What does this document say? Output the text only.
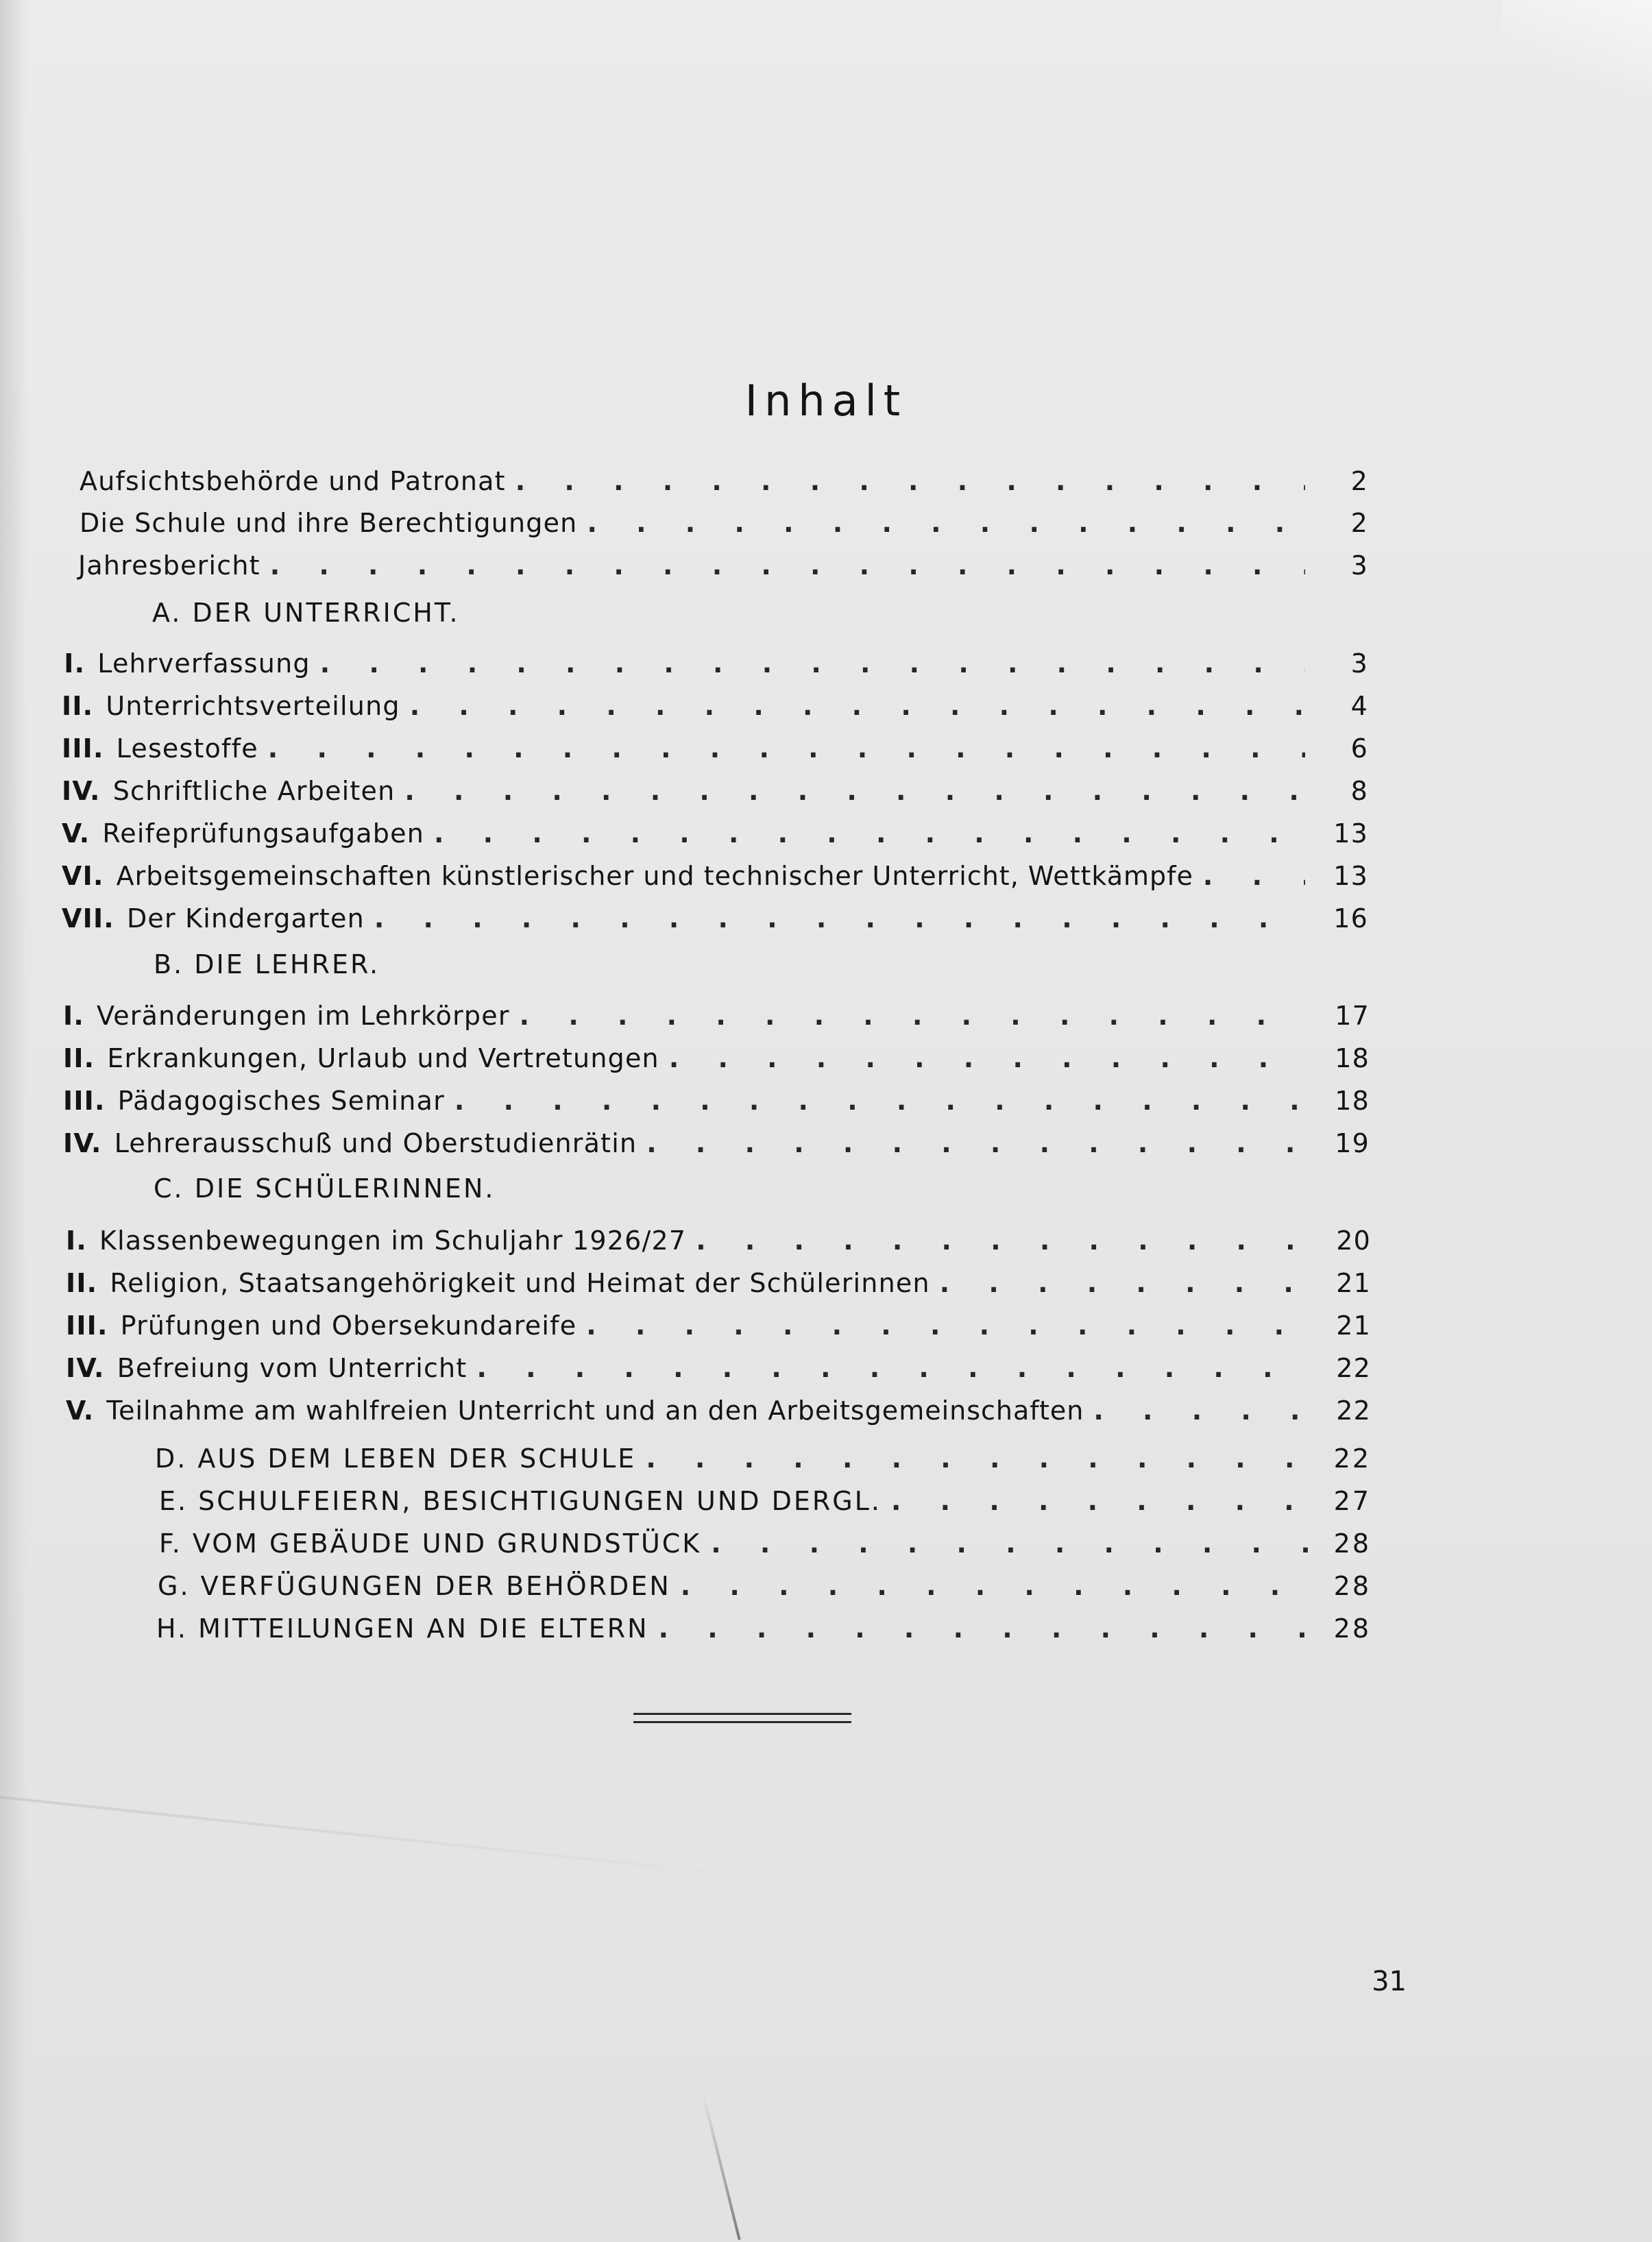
Inhalt
Aufsichtsbehörde und Patronat . . .	2
Die Schule und ihre Berechtigungen . . .	2
Jahresbericht . . .	3
A. DER UNTERRICHT.
I. Lehrverfassung . . .	3
II. Unterrichtsverteilung . . .	4
III. Lesestoffe . . .	6
IV. Schriftliche Arbeiten . . .	8
V. Reifeprüfungsaufgaben . . .	13
VI. Arbeitsgemeinschaften künstlerischer und technischer Unterricht, Wettkämpfe . . .	13
VII. Der Kindergarten . . .	16
B. DIE LEHRER.
I. Veränderungen im Lehrkörper . . .	17
II. Erkrankungen, Urlaub und Vertretungen . . .	18
III. Pädagogisches Seminar . . .	18
IV. Lehrerausschuß und Oberstudienrätin . . .	19
C. DIE SCHÜLERINNEN.
I. Klassenbewegungen im Schuljahr 1926/27 . . .	20
II. Religion, Staatsangehörigkeit und Heimat der Schülerinnen . . .	21
III. Prüfungen und Obersekundareife . . .	21
IV. Befreiung vom Unterricht . . .	22
V. Teilnahme am wahlfreien Unterricht und an den Arbeitsgemeinschaften . . .	22
D. AUS DEM LEBEN DER SCHULE . . .	22
E. SCHULFEIERN, BESICHTIGUNGEN UND DERGL. . . .	27
F. VOM GEBÄUDE UND GRUNDSTÜCK . . .	28
G. VERFÜGUNGEN DER BEHÖRDEN . . .	28
H. MITTEILUNGEN AN DIE ELTERN . . .	28
31
